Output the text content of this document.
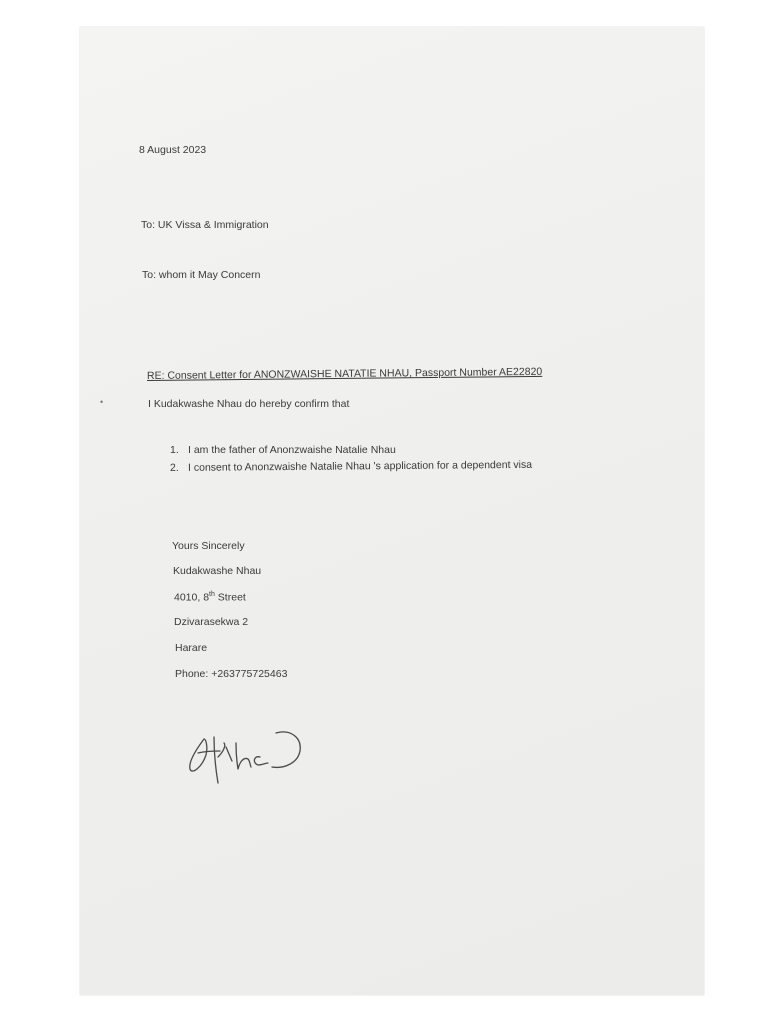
8 August 2023
To: UK Vissa & Immigration
To: whom it May Concern
•
RE: Consent Letter for ANONZWAISHE NATATIE NHAU, Passport Number AE22820
I Kudakwashe Nhau do hereby confirm that
1. I am the father of Anonzwaishe Natalie Nhau
2. I consent to Anonzwaishe Natalie Nhau 's application for a dependent visa
Yours Sincerely
Kudakwashe Nhau
4010, 8th Street
Dzivarasekwa 2
Harare
Phone: +263775725463
